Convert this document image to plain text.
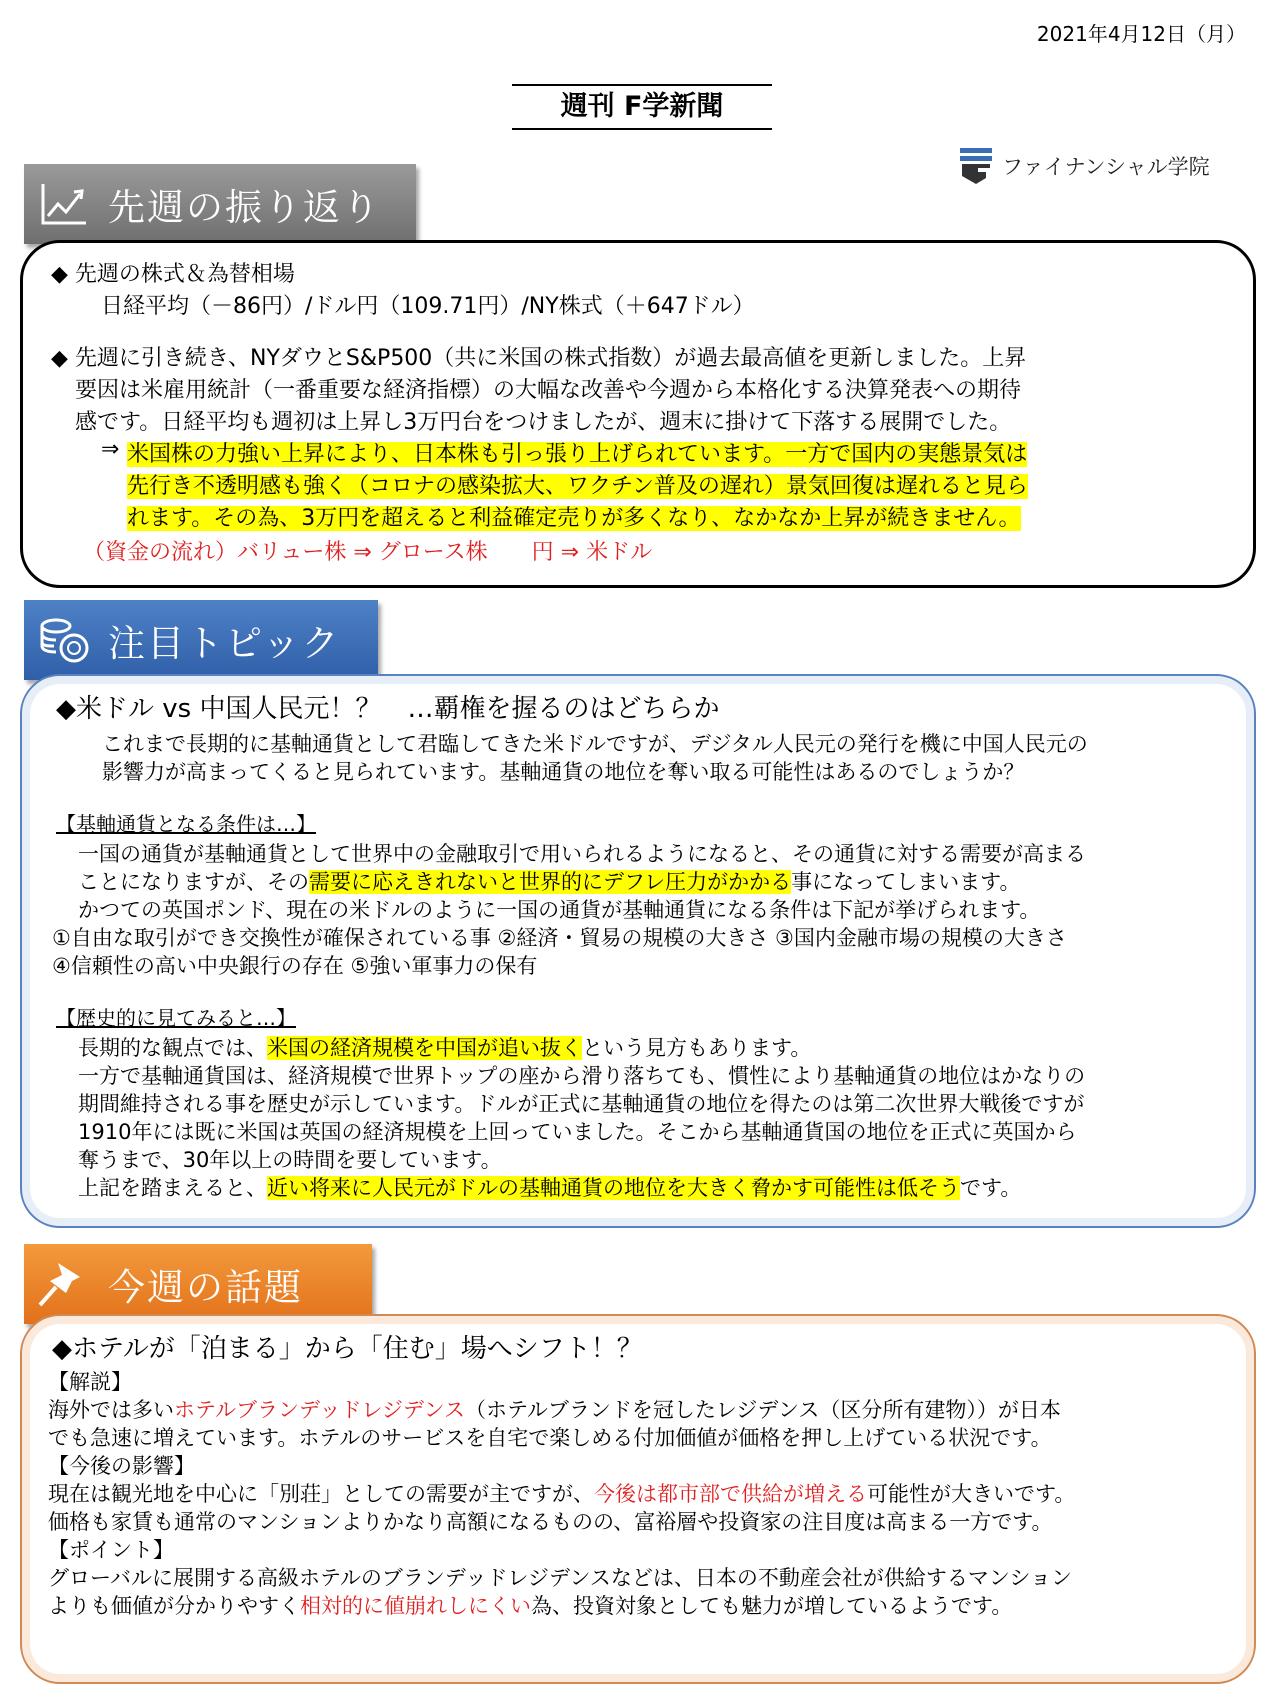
2021年4月12日（月）
週刊 F学新聞
ファイナンシャル学院
先週の振り返り
◆ 先週の株式＆為替相場
日経平均（－86円）/ドル円（109.71円）/NY株式（＋647ドル）
◆ 先週に引き続き、NYダウとS&P500（共に米国の株式指数）が過去最高値を更新しました。上昇
要因は米雇用統計（一番重要な経済指標）の大幅な改善や今週から本格化する決算発表への期待
感です。日経平均も週初は上昇し3万円台をつけましたが、週末に掛けて下落する展開でした。
⇒ 米国株の力強い上昇により、日本株も引っ張り上げられています。一方で国内の実態景気は
先行き不透明感も強く（コロナの感染拡大、ワクチン普及の遅れ）景気回復は遅れると見ら
れます。その為、3万円を超えると利益確定売りが多くなり、なかなか上昇が続きません。
（資金の流れ）バリュー株 ⇒ グロース株　　円 ⇒ 米ドル
注目トピック
◆米ドル vs 中国人民元！？　…覇権を握るのはどちらか
これまで長期的に基軸通貨として君臨してきた米ドルですが、デジタル人民元の発行を機に中国人民元の
影響力が高まってくると見られています。基軸通貨の地位を奪い取る可能性はあるのでしょうか？
【基軸通貨となる条件は…】
一国の通貨が基軸通貨として世界中の金融取引で用いられるようになると、その通貨に対する需要が高まる
ことになりますが、その需要に応えきれないと世界的にデフレ圧力がかかる事になってしまいます。
かつての英国ポンド、現在の米ドルのように一国の通貨が基軸通貨になる条件は下記が挙げられます。
①自由な取引ができ交換性が確保されている事 ②経済・貿易の規模の大きさ ③国内金融市場の規模の大きさ
④信頼性の高い中央銀行の存在 ⑤強い軍事力の保有
【歴史的に見てみると…】
長期的な観点では、米国の経済規模を中国が追い抜くという見方もあります。
一方で基軸通貨国は、経済規模で世界トップの座から滑り落ちても、慣性により基軸通貨の地位はかなりの
期間維持される事を歴史が示しています。ドルが正式に基軸通貨の地位を得たのは第二次世界大戦後ですが
1910年には既に米国は英国の経済規模を上回っていました。そこから基軸通貨国の地位を正式に英国から
奪うまで、30年以上の時間を要しています。
上記を踏まえると、近い将来に人民元がドルの基軸通貨の地位を大きく脅かす可能性は低そうです。
今週の話題
◆ホテルが「泊まる」から「住む」場へシフト！？
【解説】
海外では多いホテルブランデッドレジデンス（ホテルブランドを冠したレジデンス（区分所有建物））が日本
でも急速に増えています。ホテルのサービスを自宅で楽しめる付加価値が価格を押し上げている状況です。
【今後の影響】
現在は観光地を中心に「別荘」としての需要が主ですが、今後は都市部で供給が増える可能性が大きいです。
価格も家賃も通常のマンションよりかなり高額になるものの、富裕層や投資家の注目度は高まる一方です。
【ポイント】
グローバルに展開する高級ホテルのブランデッドレジデンスなどは、日本の不動産会社が供給するマンション
よりも価値が分かりやすく相対的に値崩れしにくい為、投資対象としても魅力が増しているようです。
